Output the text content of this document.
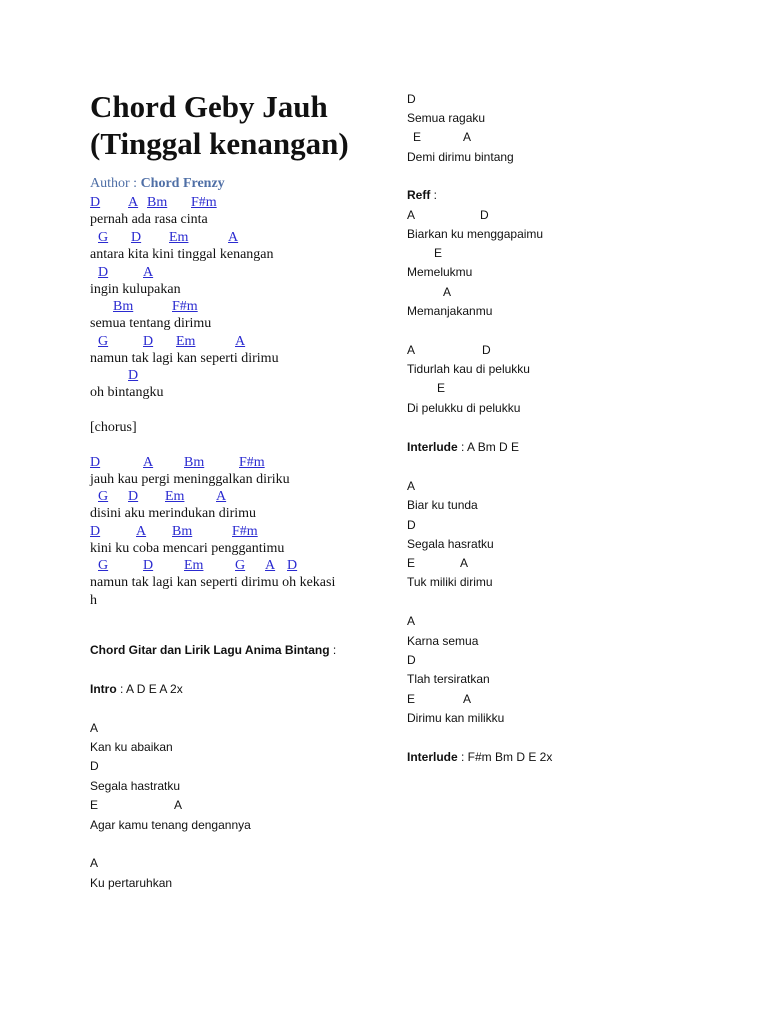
Chord Geby Jauh
(Tinggal kenangan)
Author : Chord Frenzy
D A Bm F#m
pernah ada rasa cinta
G D Em	A
antara kita kini tinggal kenangan
D A
ingin kulupakan
Bm	F#m
semua tentang dirimu
G D Em	A
namun tak lagi kan seperti dirimu
D
oh bintangku
[chorus]
D	A Bm F#m
jauh kau pergi meninggalkan diriku
G D Em A
disini aku merindukan dirimu
D	A Bm	F#m
kini ku coba mencari penggantimu
G D Em G A D
namun tak lagi kan seperti dirimu oh kekasi
h
Chord Gitar dan Lirik Lagu Anima Bintang :
Intro : A D E A 2x
A
Kan ku abaikan
D
Segala hastratku
E	A
Agar kamu tenang dengannya
A
Ku pertaruhkan
D
Semua ragaku
E	A
Demi dirimu bintang
Reff :
A	D
Biarkan ku menggapaimu
E
Memelukmu
A
Memanjakanmu
A	D
Tidurlah kau di pelukku
E
Di pelukku di pelukku
Interlude : A Bm D E
A
Biar ku tunda
D
Segala hasratku
E	A
Tuk miliki dirimu
A
Karna semua
D
Tlah tersiratkan
E	A
Dirimu kan milikku
Interlude : F#m Bm D E 2x
